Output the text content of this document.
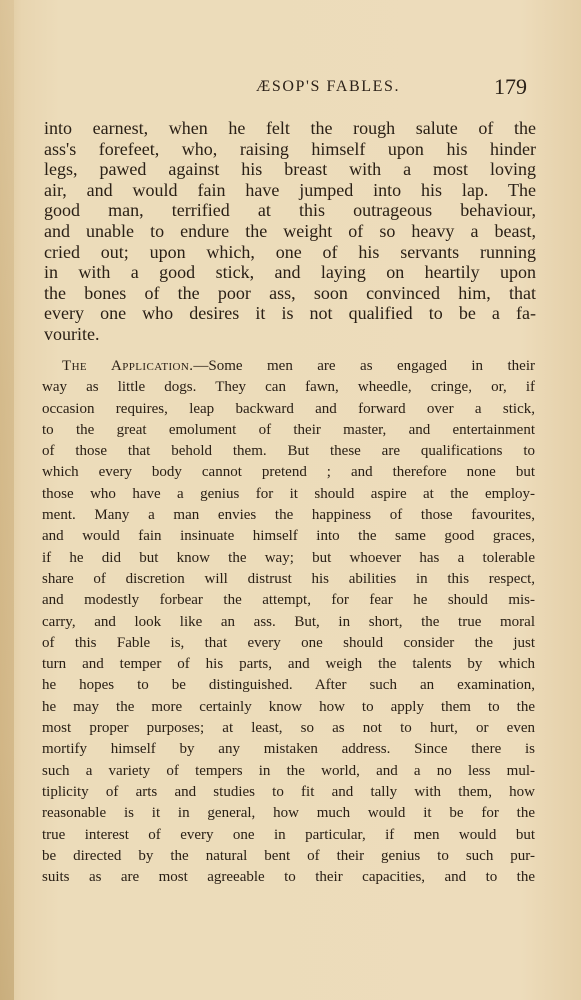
ÆSOP'S FABLES.	179
into earnest, when he felt the rough salute of the
ass's forefeet, who, raising himself upon his hinder
legs, pawed against his breast with a most loving
air, and would fain have jumped into his lap. The
good man, terrified at this outrageous behaviour,
and unable to endure the weight of so heavy a beast,
cried out; upon which, one of his servants running
in with a good stick, and laying on heartily upon
the bones of the poor ass, soon convinced him, that
every one who desires it is not qualified to be a fa-
vourite.
The Application.—Some men are as engaged in their
way as little dogs. They can fawn, wheedle, cringe, or, if
occasion requires, leap backward and forward over a stick,
to the great emolument of their master, and entertainment
of those that behold them. But these are qualifications to
which every body cannot pretend ; and therefore none but
those who have a genius for it should aspire at the employ-
ment. Many a man envies the happiness of those favourites,
and would fain insinuate himself into the same good graces,
if he did but know the way; but whoever has a tolerable
share of discretion will distrust his abilities in this respect,
and modestly forbear the attempt, for fear he should mis-
carry, and look like an ass. But, in short, the true moral
of this Fable is, that every one should consider the just
turn and temper of his parts, and weigh the talents by which
he hopes to be distinguished. After such an examination,
he may the more certainly know how to apply them to the
most proper purposes; at least, so as not to hurt, or even
mortify himself by any mistaken address. Since there is
such a variety of tempers in the world, and a no less mul-
tiplicity of arts and studies to fit and tally with them, how
reasonable is it in general, how much would it be for the
true interest of every one in particular, if men would but
be directed by the natural bent of their genius to such pur-
suits as are most agreeable to their capacities, and to the
